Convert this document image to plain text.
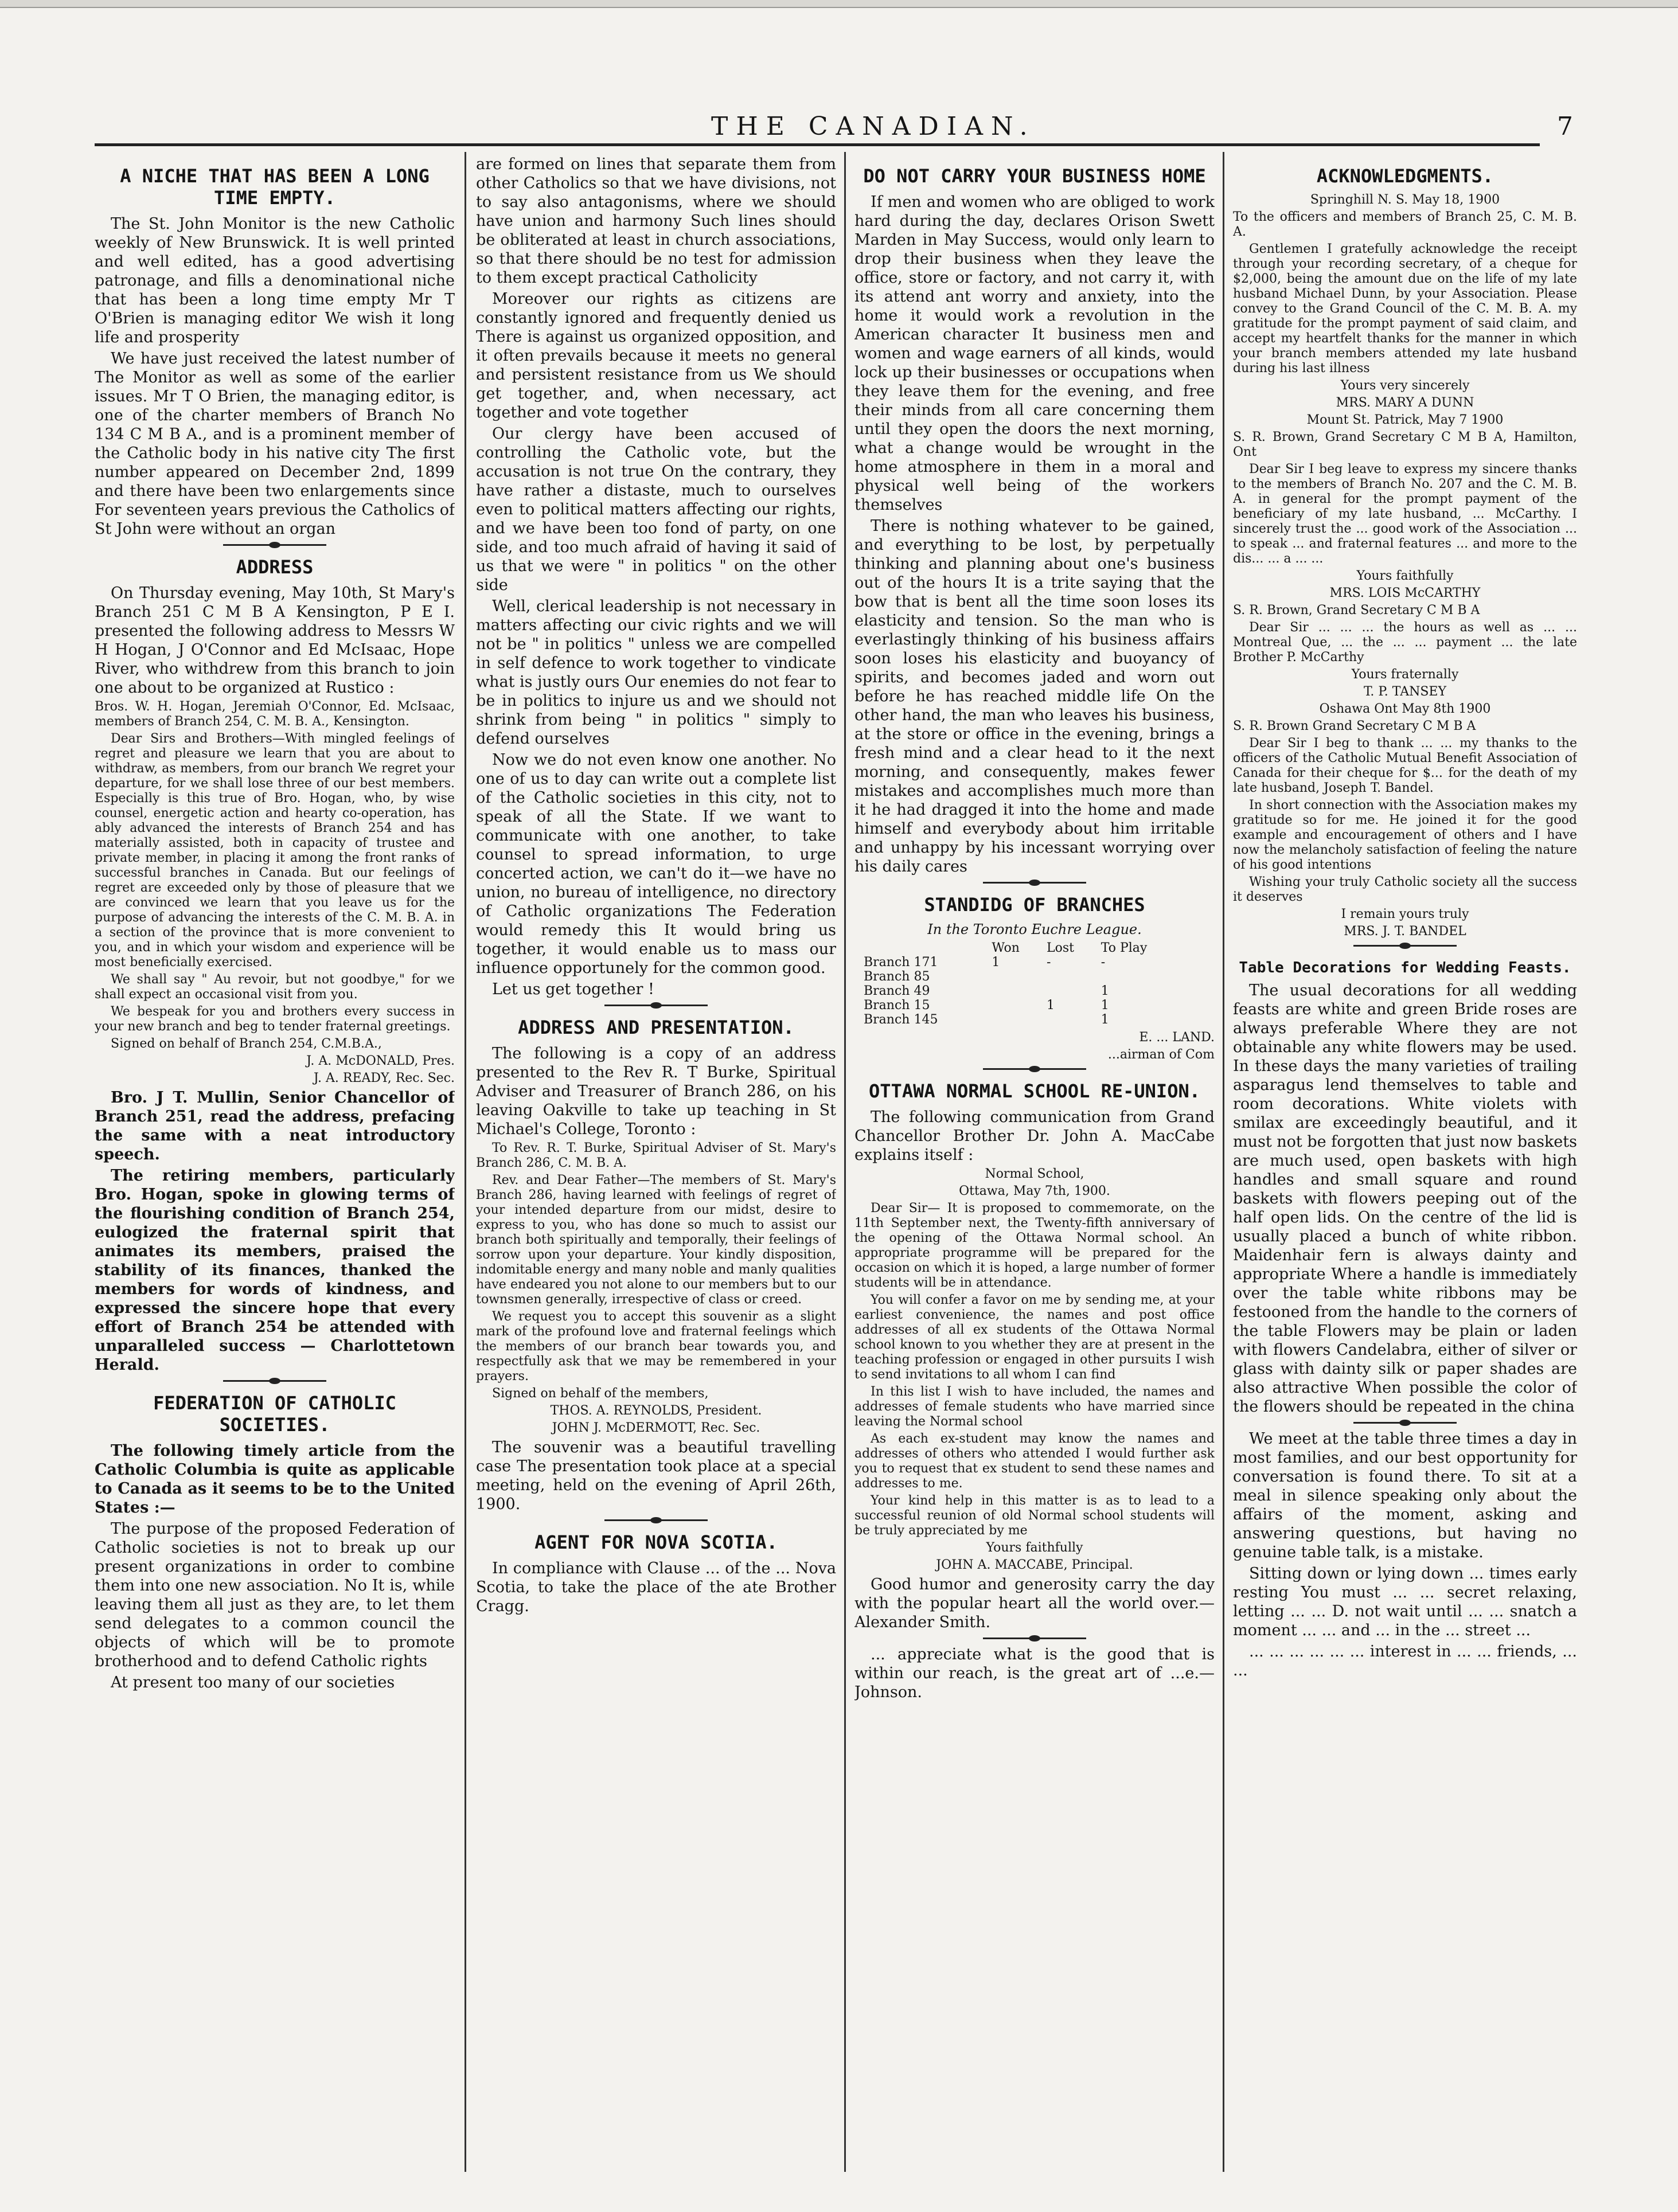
THE CANADIAN.	7
A NICHE THAT HAS BEEN A LONG TIME EMPTY.

The St. John Monitor is the new Catholic weekly of New Brunswick. It is well printed and well edited, has a good advertising patronage, and fills a denominational niche that has been a long time empty Mr T O'Brien is managing editor We wish it long life and prosperity

We have just received the latest number of The Monitor as well as some of the earlier issues. Mr T O Brien, the managing editor, is one of the charter members of Branch No 134 C M B A., and is a prominent member of the Catholic body in his native city The first number appeared on December 2nd, 1899 and there have been two enlargements since For seventeen years previous the Catholics of St John were without an organ

ADDRESS

On Thursday evening, May 10th, St Mary's Branch 251 C M B A Kensington, P E I. presented the following address to Messrs W H Hogan, J O'Connor and Ed McIsaac, Hope River, who withdrew from this branch to join one about to be organized at Rustico :

Bros. W. H. Hogan, Jeremiah O'Connor, Ed. McIsaac, members of Branch 254, C. M. B. A., Kensington.

Dear Sirs and Brothers—With mingled feelings of regret and pleasure we learn that you are about to withdraw, as members, from our branch We regret your departure, for we shall lose three of our best members. Especially is this true of Bro. Hogan, who, by wise counsel, energetic action and hearty co-operation, has ably advanced the interests of Branch 254 and has materially assisted, both in capacity of trustee and private member, in placing it among the front ranks of successful branches in Canada. But our feelings of regret are exceeded only by those of pleasure that we are convinced we learn that you leave us for the purpose of advancing the interests of the C. M. B. A. in a section of the province that is more convenient to you, and in which your wisdom and experience will be most beneficially exercised.

We shall say " Au revoir, but not goodbye," for we shall expect an occasional visit from you.

We bespeak for you and brothers every success in your new branch and beg to tender fraternal greetings.

Signed on behalf of Branch 254, C.M.B.A.,

J. A. McDONALD, Pres.

J. A. READY, Rec. Sec.

Bro. J T. Mullin, Senior Chancellor of Branch 251, read the address, prefacing the same with a neat introductory speech.

The retiring members, particularly Bro. Hogan, spoke in glowing terms of the flourishing condition of Branch 254, eulogized the fraternal spirit that animates its members, praised the stability of its finances, thanked the members for words of kindness, and expressed the sincere hope that every effort of Branch 254 be attended with unparalleled success — Charlottetown Herald.

FEDERATION OF CATHOLIC SOCIETIES.

The following timely article from the Catholic Columbia is quite as applicable to Canada as it seems to be to the United States :—

The purpose of the proposed Federation of Catholic societies is not to break up our present organizations in order to combine them into one new association. No It is, while leaving them all just as they are, to let them send delegates to a common council the objects of which will be to promote brotherhood and to defend Catholic rights

At present too many of our societies

are formed on lines that separate them from other Catholics so that we have divisions, not to say also antagonisms, where we should have union and harmony Such lines should be obliterated at least in church associations, so that there should be no test for admission to them except practical Catholicity

Moreover our rights as citizens are constantly ignored and frequently denied us There is against us organized opposition, and it often prevails because it meets no general and persistent resistance from us We should get together, and, when necessary, act together and vote together

Our clergy have been accused of controlling the Catholic vote, but the accusation is not true On the contrary, they have rather a distaste, much to ourselves even to political matters affecting our rights, and we have been too fond of party, on one side, and too much afraid of having it said of us that we were " in politics " on the other side

Well, clerical leadership is not necessary in matters affecting our civic rights and we will not be " in politics " unless we are compelled in self defence to work together to vindicate what is justly ours Our enemies do not fear to be in politics to injure us and we should not shrink from being " in politics " simply to defend ourselves

Now we do not even know one another. No one of us to day can write out a complete list of the Catholic societies in this city, not to speak of all the State. If we want to communicate with one another, to take counsel to spread information, to urge concerted action, we can't do it—we have no union, no bureau of intelligence, no directory of Catholic organizations The Federation would remedy this It would bring us together, it would enable us to mass our influence opportunely for the common good.

Let us get together !

ADDRESS AND PRESENTATION.

The following is a copy of an address presented to the Rev R. T Burke, Spiritual Adviser and Treasurer of Branch 286, on his leaving Oakville to take up teaching in St Michael's College, Toronto :

To Rev. R. T. Burke, Spiritual Adviser of St. Mary's Branch 286, C. M. B. A.

Rev. and Dear Father—The members of St. Mary's Branch 286, having learned with feelings of regret of your intended departure from our midst, desire to express to you, who has done so much to assist our branch both spiritually and temporally, their feelings of sorrow upon your departure. Your kindly disposition, indomitable energy and many noble and manly qualities have endeared you not alone to our members but to our townsmen generally, irrespective of class or creed.

We request you to accept this souvenir as a slight mark of the profound love and fraternal feelings which the members of our branch bear towards you, and respectfully ask that we may be remembered in your prayers.

Signed on behalf of the members,

THOS. A. REYNOLDS, President.

JOHN J. McDERMOTT, Rec. Sec.

The souvenir was a beautiful travelling case The presentation took place at a special meeting, held on the evening of April 26th, 1900.

AGENT FOR NOVA SCOTIA.

In compliance with Clause ... of the ... Nova Scotia, to take the place of the ate Brother Cragg.

DO NOT CARRY YOUR BUSINESS HOME

If men and women who are obliged to work hard during the day, declares Orison Swett Marden in May Success, would only learn to drop their business when they leave the office, store or factory, and not carry it, with its attend ant worry and anxiety, into the home it would work a revolution in the American character It business men and women and wage earners of all kinds, would lock up their businesses or occupations when they leave them for the evening, and free their minds from all care concerning them until they open the doors the next morning, what a change would be wrought in the home atmosphere in them in a moral and physical well being of the workers themselves

There is nothing whatever to be gained, and everything to be lost, by perpetually thinking and planning about one's business out of the hours It is a trite saying that the bow that is bent all the time soon loses its elasticity and tension. So the man who is everlastingly thinking of his business affairs soon loses his elasticity and buoyancy of spirits, and becomes jaded and worn out before he has reached middle life On the other hand, the man who leaves his business, at the store or office in the evening, brings a fresh mind and a clear head to it the next morning, and consequently, makes fewer mistakes and accomplishes much more than it he had dragged it into the home and made himself and everybody about him irritable and unhappy by his incessant worrying over his daily cares

STANDIDG OF BRANCHES
In the Toronto Euchre League.
	Won	Lost	To Play
Branch 171	1	-	-
Branch 85			
Branch 49			1
Branch 15		1	1
Branch 145			1

E. ... LAND.

...airman of Com

OTTAWA NORMAL SCHOOL RE-UNION.

The following communication from Grand Chancellor Brother Dr. John A. MacCabe explains itself :

Normal School,

Ottawa, May 7th, 1900.

Dear Sir— It is proposed to commemorate, on the 11th September next, the Twenty-fifth anniversary of the opening of the Ottawa Normal school. An appropriate programme will be prepared for the occasion on which it is hoped, a large number of former students will be in attendance.

You will confer a favor on me by sending me, at your earliest convenience, the names and post office addresses of all ex students of the Ottawa Normal school known to you whether they are at present in the teaching profession or engaged in other pursuits I wish to send invitations to all whom I can find

In this list I wish to have included, the names and addresses of female students who have married since leaving the Normal school

As each ex-student may know the names and addresses of others who attended I would further ask you to request that ex student to send these names and addresses to me.

Your kind help in this matter is as to lead to a successful reunion of old Normal school students will be truly appreciated by me

Yours faithfully

JOHN A. MACCABE, Principal.

Good humor and generosity carry the day with the popular heart all the world over.—Alexander Smith.

... appreciate what is the good that is within our reach, is the great art of ...e.—Johnson.

ACKNOWLEDGMENTS.

Springhill N. S. May 18, 1900

To the officers and members of Branch 25, C. M. B. A.

Gentlemen I gratefully acknowledge the receipt through your recording secretary, of a cheque for $2,000, being the amount due on the life of my late husband Michael Dunn, by your Association. Please convey to the Grand Council of the C. M. B. A. my gratitude for the prompt payment of said claim, and accept my heartfelt thanks for the manner in which your branch members attended my late husband during his last illness

Yours very sincerely

MRS. MARY A DUNN

Mount St. Patrick, May 7 1900

S. R. Brown, Grand Secretary C M B A, Hamilton, Ont

Dear Sir I beg leave to express my sincere thanks to the members of Branch No. 207 and the C. M. B. A. in general for the prompt payment of the beneficiary of my late husband, ... McCarthy. I sincerely trust the ... good work of the Association ... to speak ... and fraternal features ... and more to the dis... ... a ... ...

Yours faithfully

MRS. LOIS McCARTHY

S. R. Brown, Grand Secretary C M B A

Dear Sir ... ... ... the hours as well as ... ... Montreal Que, ... the ... ... payment ... the late Brother P. McCarthy

Yours fraternally

T. P. TANSEY

Oshawa Ont May 8th 1900

S. R. Brown Grand Secretary C M B A

Dear Sir I beg to thank ... ... my thanks to the officers of the Catholic Mutual Benefit Association of Canada for their cheque for $... for the death of my late husband, Joseph T. Bandel.

In short connection with the Association makes my gratitude so for me. He joined it for the good example and encouragement of others and I have now the melancholy satisfaction of feeling the nature of his good intentions

Wishing your truly Catholic society all the success it deserves

I remain yours truly

MRS. J. T. BANDEL

Table Decorations for Wedding Feasts.

The usual decorations for all wedding feasts are white and green Bride roses are always preferable Where they are not obtainable any white flowers may be used. In these days the many varieties of trailing asparagus lend themselves to table and room decorations. White violets with smilax are exceedingly beautiful, and it must not be forgotten that just now baskets are much used, open baskets with high handles and small square and round baskets with flowers peeping out of the half open lids. On the centre of the lid is usually placed a bunch of white ribbon. Maidenhair fern is always dainty and appropriate Where a handle is immediately over the table white ribbons may be festooned from the handle to the corners of the table Flowers may be plain or laden with flowers Candelabra, either of silver or glass with dainty silk or paper shades are also attractive When possible the color of the flowers should be repeated in the china

We meet at the table three times a day in most families, and our best opportunity for conversation is found there. To sit at a meal in silence speaking only about the affairs of the moment, asking and answering questions, but having no genuine table talk, is a mistake.

Sitting down or lying down ... times early resting You must ... ... secret relaxing, letting ... ... D. not wait until ... ... snatch a moment ... ... and ... in the ... street ...

... ... ... ... ... ... interest in ... ... friends, ... ...
